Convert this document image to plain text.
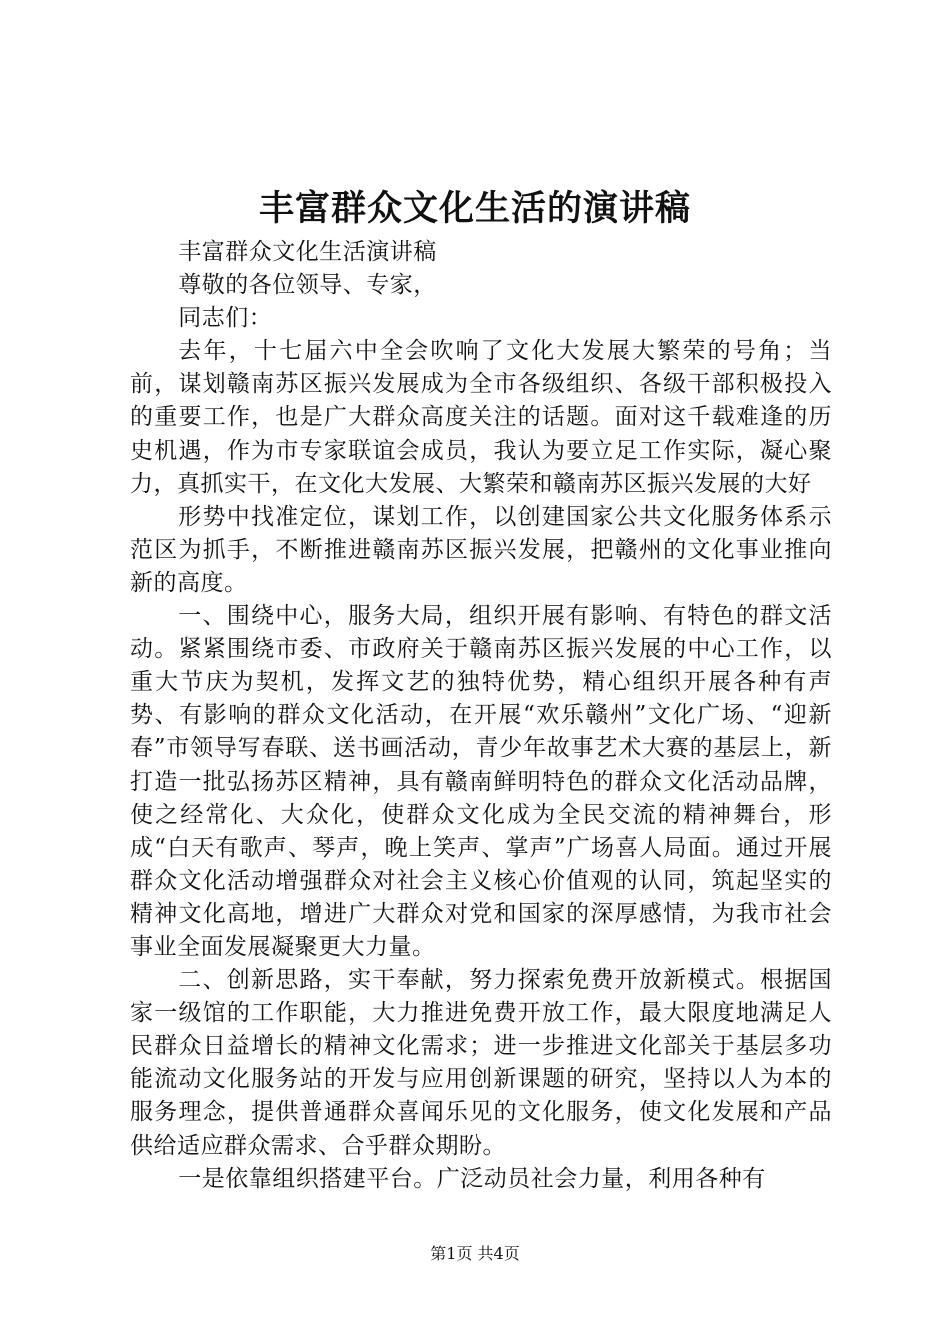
丰富群众文化生活的演讲稿

丰富群众文化生活演讲稿

尊敬的各位领导、专家，

同志们：

去年，十七届六中全会吹响了文化大发展大繁荣的号角；当前，谋划赣南苏区振兴发展成为全市各级组织、各级干部积极投入的重要工作，也是广大群众高度关注的话题。面对这千载难逢的历史机遇，作为市专家联谊会成员，我认为要立足工作实际，凝心聚力，真抓实干，在文化大发展、大繁荣和赣南苏区振兴发展的大好

形势中找准定位，谋划工作，以创建国家公共文化服务体系示范区为抓手，不断推进赣南苏区振兴发展，把赣州的文化事业推向新的高度。

一、围绕中心，服务大局，组织开展有影响、有特色的群文活动。紧紧围绕市委、市政府关于赣南苏区振兴发展的中心工作，以重大节庆为契机，发挥文艺的独特优势，精心组织开展各种有声势、有影响的群众文化活动，在开展“欢乐赣州”文化广场、“迎新春”市领导写春联、送书画活动，青少年故事艺术大赛的基层上，新打造一批弘扬苏区精神，具有赣南鲜明特色的群众文化活动品牌，使之经常化、大众化，使群众文化成为全民交流的精神舞台，形成“白天有歌声、琴声，晚上笑声、掌声”广场喜人局面。通过开展群众文化活动增强群众对社会主义核心价值观的认同，筑起坚实的精神文化高地，增进广大群众对党和国家的深厚感情，为我市社会事业全面发展凝聚更大力量。

二、创新思路，实干奉献，努力探索免费开放新模式。根据国家一级馆的工作职能，大力推进免费开放工作，最大限度地满足人民群众日益增长的精神文化需求；进一步推进文化部关于基层多功能流动文化服务站的开发与应用创新课题的研究，坚持以人为本的服务理念，提供普通群众喜闻乐见的文化服务，使文化发展和产品供给适应群众需求、合乎群众期盼。

一是依靠组织搭建平台。广泛动员社会力量，利用各种有

第1页 共4页
